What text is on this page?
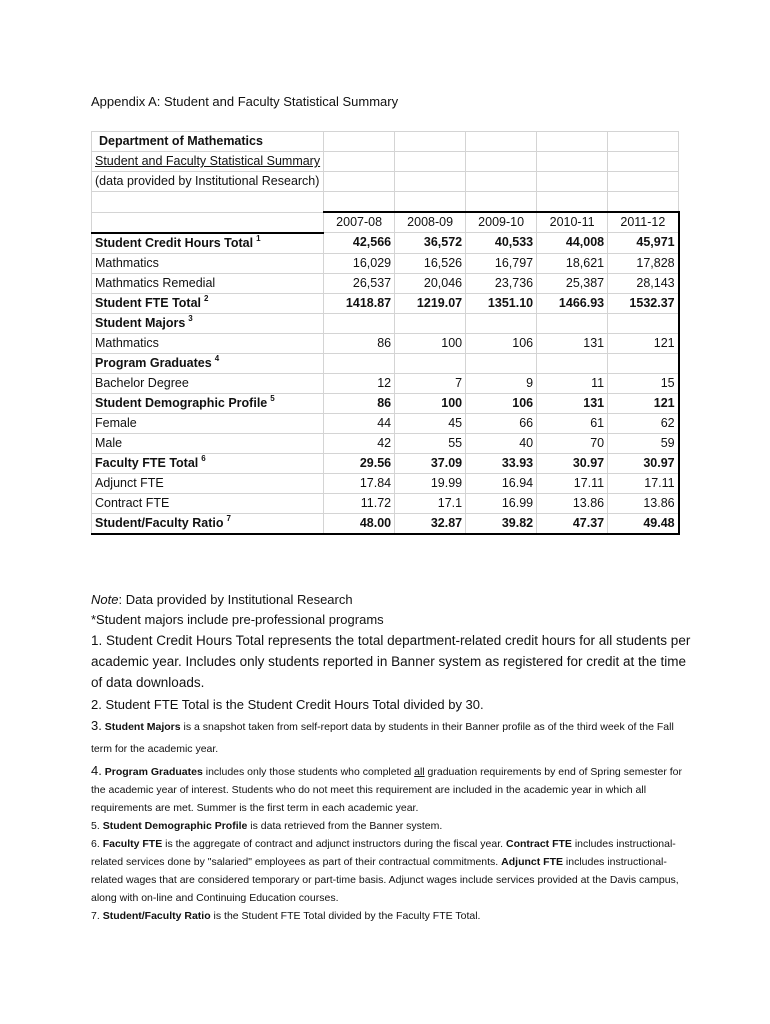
Appendix A: Student and Faculty Statistical Summary
Department of Mathematics					
Student and Faculty Statistical Summary					
(data provided by Institutional Research)					

	2007-08	2008-09	2009-10	2010-11	2011-12
Student Credit Hours Total $^1$	42,566	36,572	40,533	44,008	45,971
Mathmatics	16,029	16,526	16,797	18,621	17,828
Mathmatics Remedial	26,537	20,046	23,736	25,387	28,143
Student FTE Total $^2$	1418.87	1219.07	1351.10	1466.93	1532.37
Student Majors $^3$					
Mathmatics	86	100	106	131	121
Program Graduates $^4$					
Bachelor Degree	12	7	9	11	15
Student Demographic Profile $^5$	86	100	106	131	121
Female	44	45	66	61	62
Male	42	55	40	70	59
Faculty FTE Total $^6$	29.56	37.09	33.93	30.97	30.97
Adjunct FTE	17.84	19.99	16.94	17.11	17.11
Contract FTE	11.72	17.1	16.99	13.86	13.86
Student/Faculty Ratio $^7$	48.00	32.87	39.82	47.37	49.48

Note: Data provided by Institutional Research

*Student majors include pre-professional programs

1. Student Credit Hours Total represents the total department-related credit hours for all students per academic year. Includes only students reported in Banner system as registered for credit at the time of data downloads.

2. Student FTE Total is the Student Credit Hours Total divided by 30.

3. Student Majors is a snapshot taken from self-report data by students in their Banner profile as of the third week of the Fall term for the academic year.

4. Program Graduates includes only those students who completed all graduation requirements by end of Spring semester for the academic year of interest. Students who do not meet this requirement are included in the academic year in which all requirements are met. Summer is the first term in each academic year.

5. Student Demographic Profile is data retrieved from the Banner system.

6. Faculty FTE is the aggregate of contract and adjunct instructors during the fiscal year. Contract FTE includes instructional-related services done by "salaried" employees as part of their contractual commitments. Adjunct FTE includes instructional-related wages that are considered temporary or part-time basis. Adjunct wages include services provided at the Davis campus, along with on-line and Continuing Education courses.

7. Student/Faculty Ratio is the Student FTE Total divided by the Faculty FTE Total.
